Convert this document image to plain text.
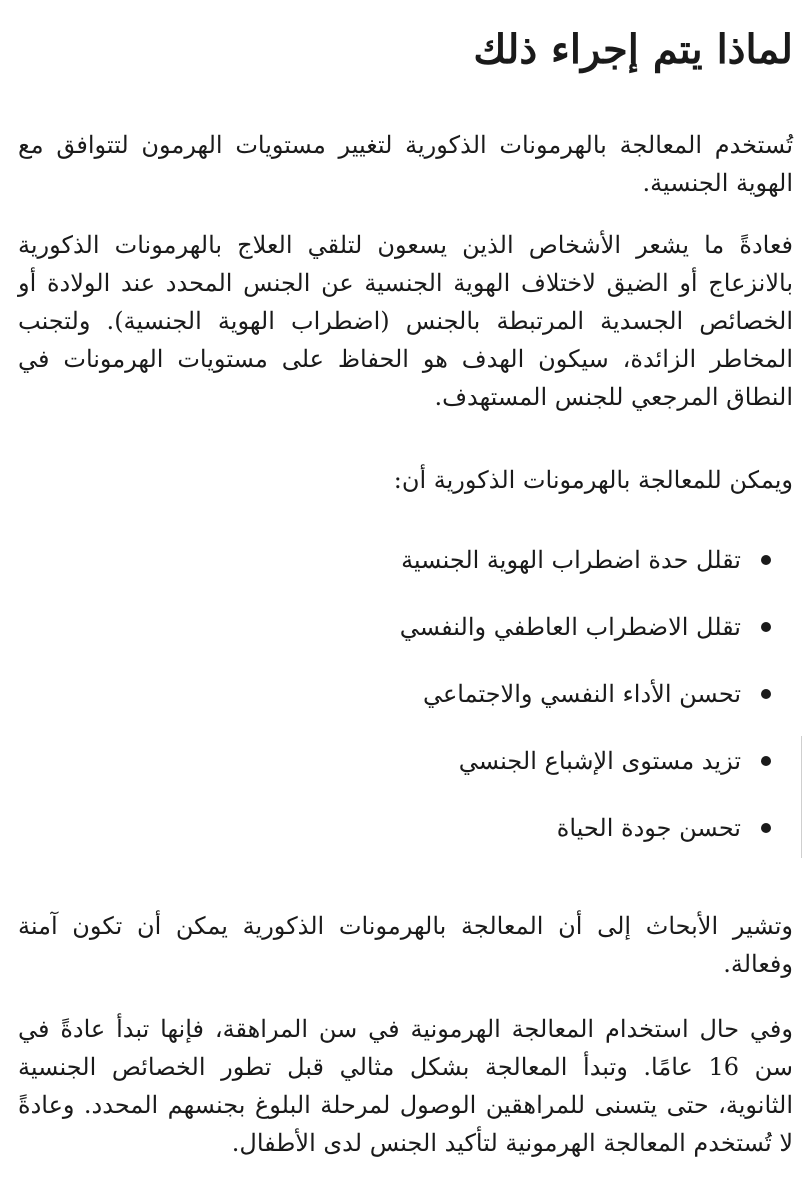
لماذا يتم إجراء ذلك

تُستخدم المعالجة بالهرمونات الذكورية لتغيير مستويات الهرمون لتتوافق مع الهوية الجنسية.

فعادةً ما يشعر الأشخاص الذين يسعون لتلقي العلاج بالهرمونات الذكورية بالانزعاج أو الضيق لاختلاف الهوية الجنسية عن الجنس المحدد عند الولادة أو الخصائص الجسدية المرتبطة بالجنس (اضطراب الهوية الجنسية). ولتجنب المخاطر الزائدة، سيكون الهدف هو الحفاظ على مستويات الهرمونات في النطاق المرجعي للجنس المستهدف.

ويمكن للمعالجة بالهرمونات الذكورية أن:

تقلل حدة اضطراب الهوية الجنسية
تقلل الاضطراب العاطفي والنفسي
تحسن الأداء النفسي والاجتماعي
تزيد مستوى الإشباع الجنسي
تحسن جودة الحياة

وتشير الأبحاث إلى أن المعالجة بالهرمونات الذكورية يمكن أن تكون آمنة وفعالة.

وفي حال استخدام المعالجة الهرمونية في سن المراهقة، فإنها تبدأ عادةً في سن 16 عامًا. وتبدأ المعالجة بشكل مثالي قبل تطور الخصائص الجنسية الثانوية، حتى يتسنى للمراهقين الوصول لمرحلة البلوغ بجنسهم المحدد. وعادةً لا تُستخدم المعالجة الهرمونية لتأكيد الجنس لدى الأطفال.
